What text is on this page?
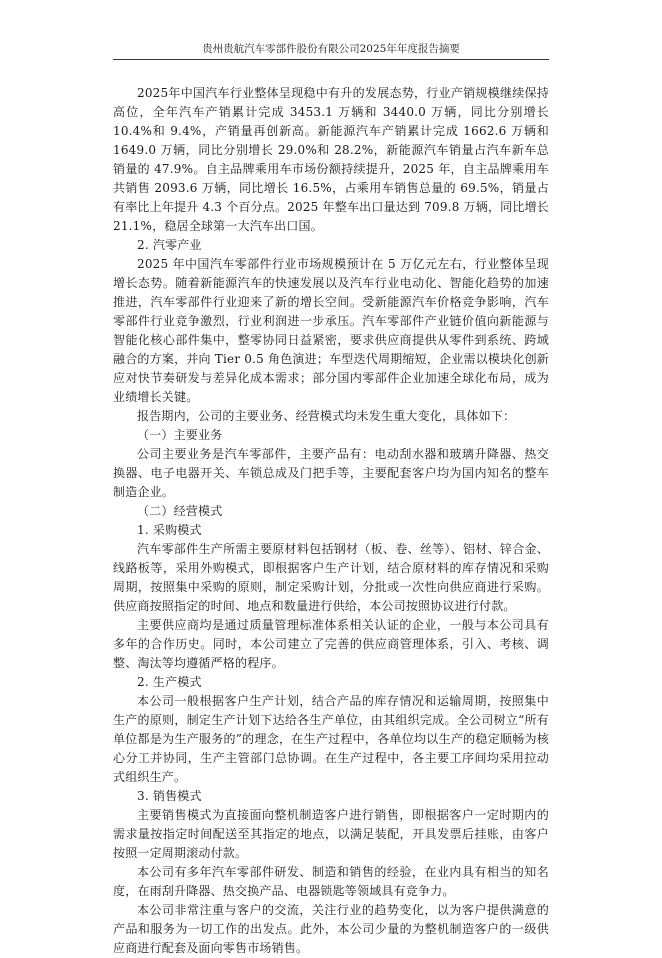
贵州贵航汽车零部件股份有限公司2025年年度报告摘要

2025年中国汽车行业整体呈现稳中有升的发展态势，行业产销规模继续保持高位，全年汽车产销累计完成 3453.1 万辆和 3440.0 万辆，同比分别增长 10.4%和 9.4%，产销量再创新高。新能源汽车产销累计完成 1662.6 万辆和 1649.0 万辆，同比分别增长 29.0%和 28.2%，新能源汽车销量占汽车新车总销量的 47.9%。自主品牌乘用车市场份额持续提升，2025 年，自主品牌乘用车共销售 2093.6 万辆，同比增长 16.5%，占乘用车销售总量的 69.5%，销量占有率比上年提升 4.3 个百分点。2025 年整车出口量达到 709.8 万辆，同比增长 21.1%，稳居全球第一大汽车出口国。

2. 汽零产业

2025 年中国汽车零部件行业市场规模预计在 5 万亿元左右，行业整体呈现增长态势。随着新能源汽车的快速发展以及汽车行业电动化、智能化趋势的加速推进，汽车零部件行业迎来了新的增长空间。受新能源汽车价格竞争影响，汽车零部件行业竞争激烈，行业利润进一步承压。汽车零部件产业链价值向新能源与智能化核心部件集中，整零协同日益紧密，要求供应商提供从零件到系统、跨域融合的方案，并向 Tier 0.5 角色演进；车型迭代周期缩短，企业需以模块化创新应对快节奏研发与差异化成本需求；部分国内零部件企业加速全球化布局，成为业绩增长关键。

报告期内，公司的主要业务、经营模式均未发生重大变化，具体如下：

（一）主要业务

公司主要业务是汽车零部件，主要产品有：电动刮水器和玻璃升降器、热交换器、电子电器开关、车锁总成及门把手等，主要配套客户均为国内知名的整车制造企业。

（二）经营模式

1. 采购模式

汽车零部件生产所需主要原材料包括钢材（板、卷、丝等）、铝材、锌合金、线路板等，采用外购模式，即根据客户生产计划，结合原材料的库存情况和采购周期，按照集中采购的原则，制定采购计划，分批或一次性向供应商进行采购。供应商按照指定的时间、地点和数量进行供给，本公司按照协议进行付款。

主要供应商均是通过质量管理标准体系相关认证的企业，一般与本公司具有多年的合作历史。同时，本公司建立了完善的供应商管理体系，引入、考核、调整、淘汰等均遵循严格的程序。

2. 生产模式

本公司一般根据客户生产计划，结合产品的库存情况和运输周期，按照集中生产的原则，制定生产计划下达给各生产单位，由其组织完成。全公司树立“所有单位都是为生产服务的”的理念，在生产过程中，各单位均以生产的稳定顺畅为核心分工并协同，生产主管部门总协调。在生产过程中，各主要工序间均采用拉动式组织生产。

3. 销售模式

主要销售模式为直接面向整机制造客户进行销售，即根据客户一定时期内的需求量按指定时间配送至其指定的地点，以满足装配，开具发票后挂账，由客户按照一定周期滚动付款。

本公司有多年汽车零部件研发、制造和销售的经验，在业内具有相当的知名度，在雨刮升降器、热交换产品、电器锁匙等领域具有竞争力。

本公司非常注重与客户的交流，关注行业的趋势变化，以为客户提供满意的产品和服务为一切工作的出发点。此外，本公司少量的为整机制造客户的一级供应商进行配套及面向零售市场销售。
